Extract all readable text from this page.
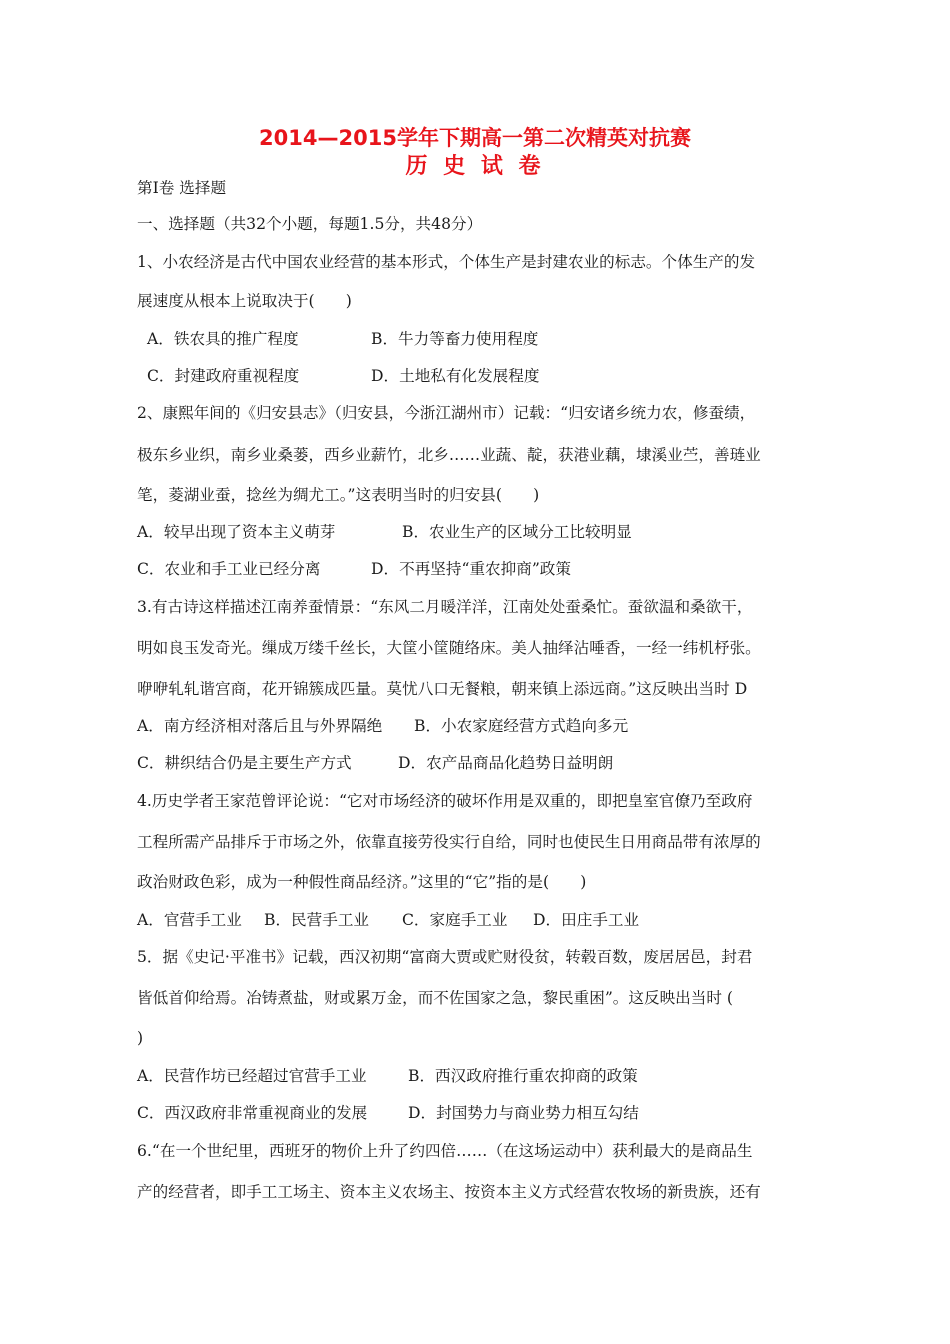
2014—2015学年下期高一第二次精英对抗赛
历 史 试 卷
第Ⅰ卷 选择题
一、选择题（共32个小题，每题1.5分，共48分）
1、小农经济是古代中国农业经营的基本形式，个体生产是封建农业的标志。个体生产的发
展速度从根本上说取决于(　　)
A．铁农具的推广程度	B．牛力等畜力使用程度
C．封建政府重视程度	D．土地私有化发展程度
2、康熙年间的《归安县志》（归安县，今浙江湖州市）记载：“归安诸乡统力农，修蚕绩，
极东乡业织，南乡业桑蒌，西乡业薪竹，北乡……业蔬、靛，获港业藕，埭溪业苎，善琏业
笔，菱湖业蚕，捻丝为绸尤工。”这表明当时的归安县(　　)
A．较早出现了资本主义萌芽	B．农业生产的区域分工比较明显
C．农业和手工业已经分离	D．不再坚持“重农抑商”政策
3.有古诗这样描述江南养蚕情景：“东风二月暖洋洋，江南处处蚕桑忙。蚕欲温和桑欲干，
明如良玉发奇光。缫成万缕千丝长，大筐小筐随络床。美人抽绎沾唾香，一经一纬机杼张。
咿咿轧轧谐宫商，花开锦簇成匹量。莫忧八口无餐粮，朝来镇上添远商。”这反映出当时 D
A．南方经济相对落后且与外界隔绝 B．小农家庭经营方式趋向多元
C．耕织结合仍是主要生产方式	D．农产品商品化趋势日益明朗
4.历史学者王家范曾评论说：“它对市场经济的破坏作用是双重的，即把皇室官僚乃至政府
工程所需产品排斥于市场之外，依靠直接劳役实行自给，同时也使民生日用商品带有浓厚的
政治财政色彩，成为一种假性商品经济。”这里的“它”指的是(　　)
A．官营手工业 B．民营手工业 C．家庭手工业 D．田庄手工业
5．据《史记·平准书》记载，西汉初期“富商大贾或贮财役贫，转毂百数，废居居邑，封君
皆低首仰给焉。冶铸煮盐，财或累万金，而不佐国家之急，黎民重困”。这反映出当时 (
)
A．民营作坊已经超过官营手工业	B．西汉政府推行重农抑商的政策
C．西汉政府非常重视商业的发展	D．封国势力与商业势力相互勾结
6.“在一个世纪里，西班牙的物价上升了约四倍……（在这场运动中）获利最大的是商品生
产的经营者，即手工工场主、资本主义农场主、按资本主义方式经营农牧场的新贵族，还有
